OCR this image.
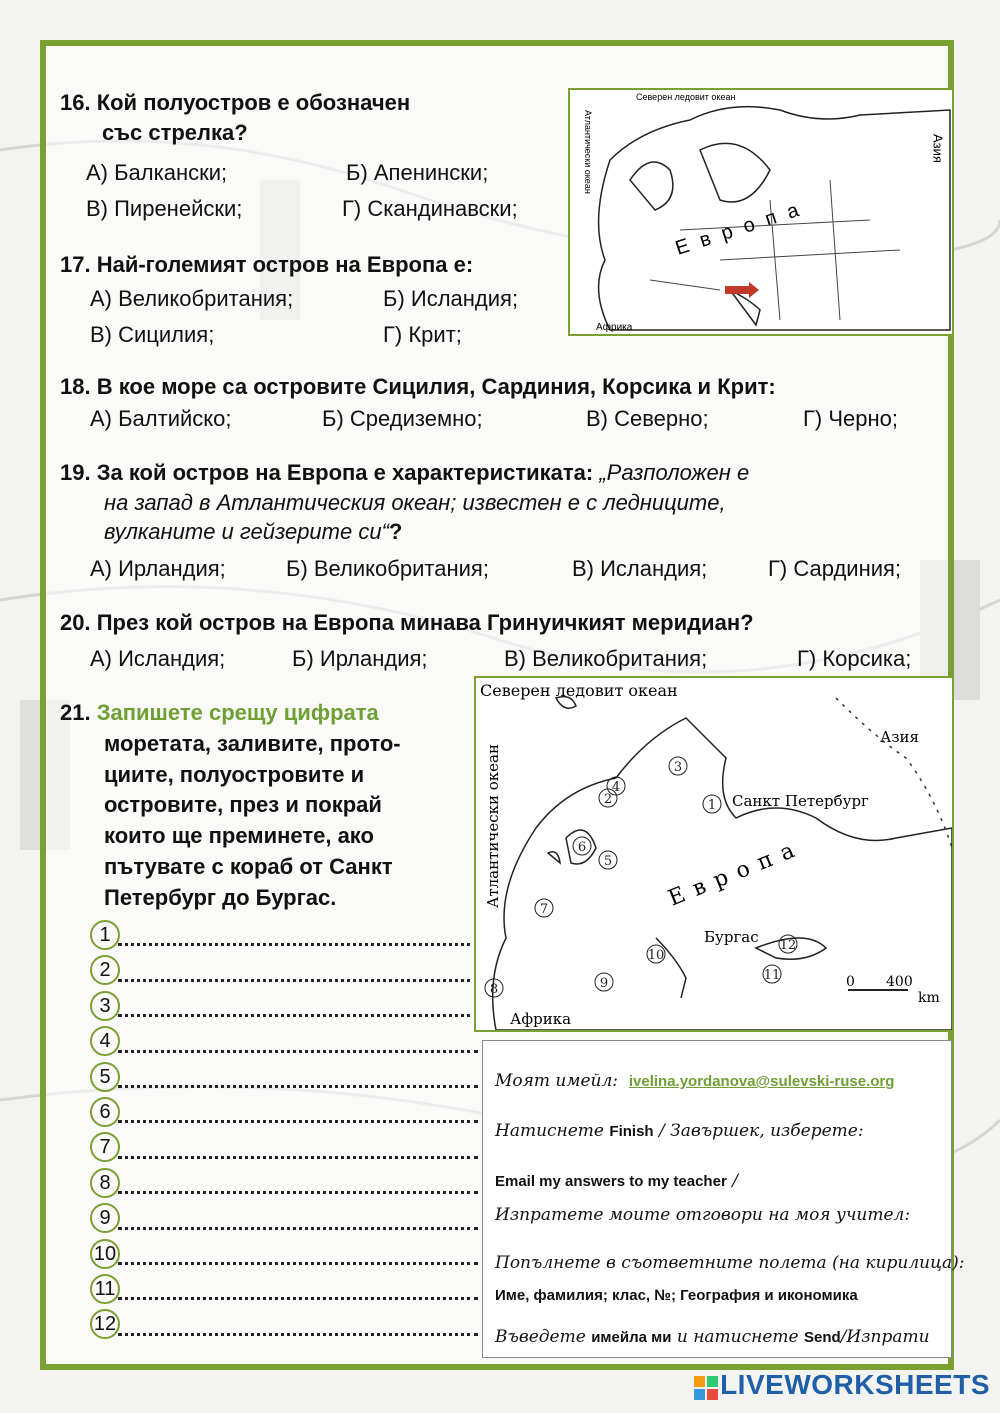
16. Кой полуостров е обозначен
със стрелка?
А) Балкански;	Б) Апенински;
В) Пиренейски;	Г) Скандинавски;
Северен ледовит океан
Атлантически океан	Азия
Европа
Африка
17. Най-големият остров на Европа е:
А) Великобритания;	Б) Исландия;
В) Сицилия;	Г) Крит;
18. В кое море са островите Сицилия, Сардиния, Корсика и Крит:
А) Балтийско;	Б) Средиземно;	В) Северно;	Г) Черно;
19. За кой остров на Европа е характеристиката: „Разположен е
на запад в Атлантическия океан; известен е с ледниците,
вулканите и гейзерите си“?
А) Ирландия;	Б) Великобритания;	В) Исландия;	Г) Сардиния;
20. През кой остров на Европа минава Гринуичкият меридиан?
А) Исландия;	Б) Ирландия;	В) Великобритания;	Г) Корсика;
21. Запишете срещу цифрата
моретата, заливите, прото-
циите, полуостровите и
островите, през и покрай
които ще преминете, ако
пътувате с кораб от Санкт
Петербург до Бургас.
1
2
3
4
5
6
7
8
9
10
11
12
Северен ледовит океан
Атлантически океан
Азия
Санкт Петербург
Европа
Бургас
Африка
0 400
km
1
2
3
4
5
6
7
8	9
10
11
12
Моят имейл: ivelina.yordanova@sulevski-ruse.org
Натиснете Finish / Завършек, изберете:
Email my answers to my teacher /
Изпратете моите отговори на моя учител:
Попълнете в съответните полета (на кирилица):
Име, фамилия; клас, №; География и икономика
Въведете имейла ми и натиснете Send/Изпрати
LIVEWORKSHEETS
